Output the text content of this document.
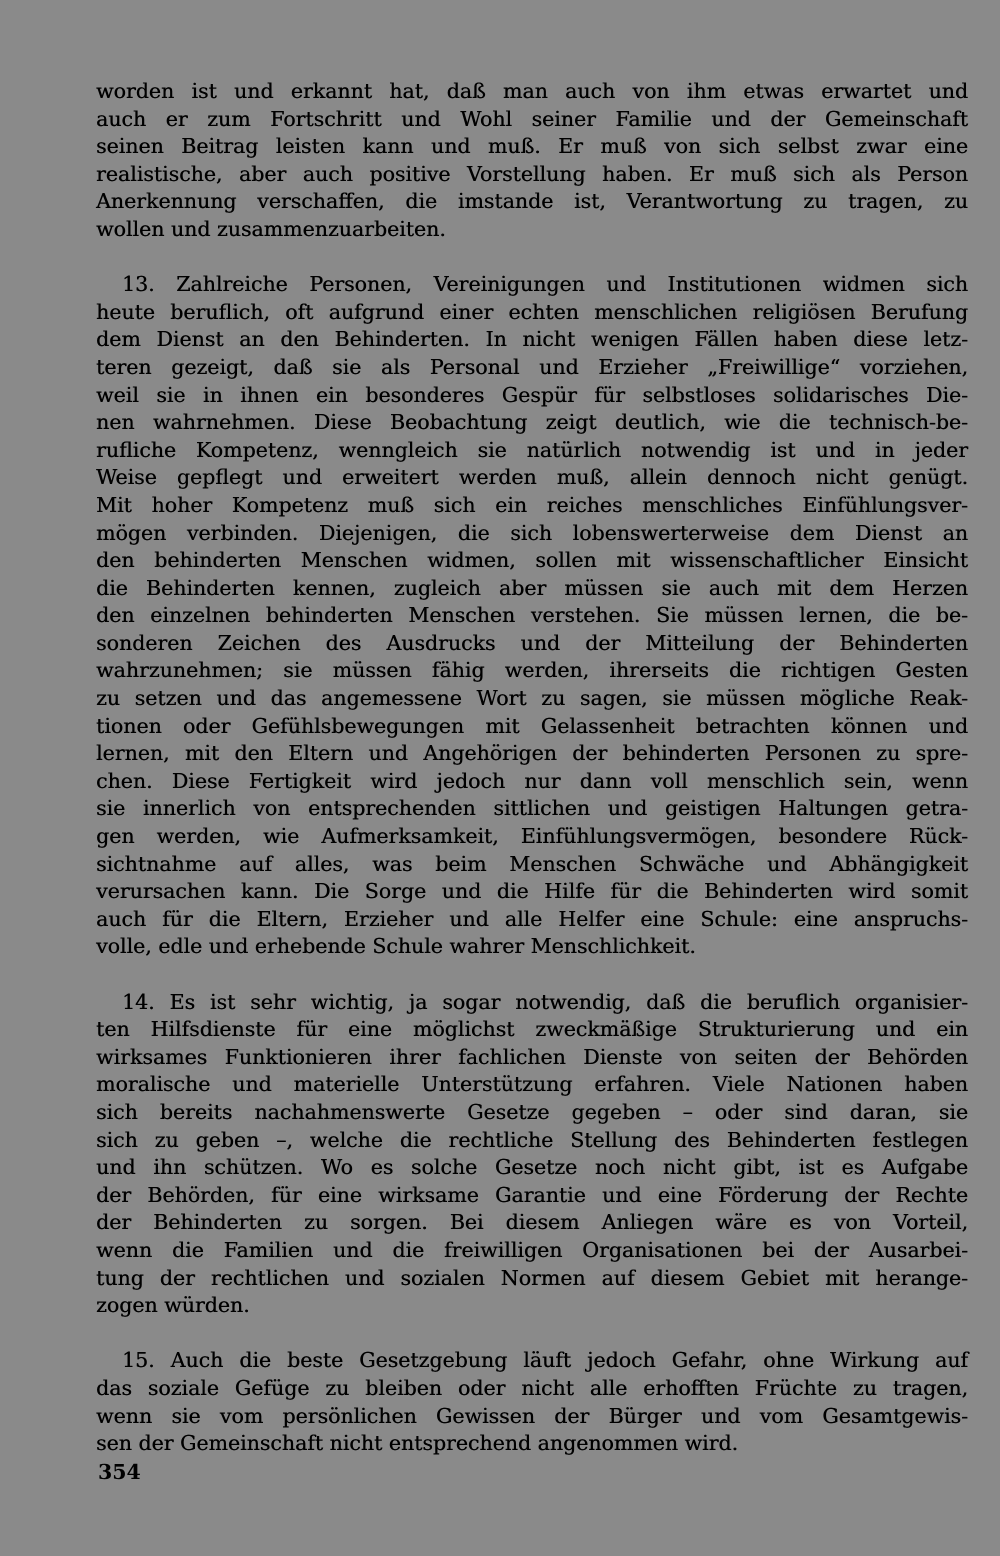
worden ist und erkannt hat, daß man auch von ihm etwas erwartet und
auch er zum Fortschritt und Wohl seiner Familie und der Gemeinschaft
seinen Beitrag leisten kann und muß. Er muß von sich selbst zwar eine
realistische, aber auch positive Vorstellung haben. Er muß sich als Person
Anerkennung verschaffen, die imstande ist, Verantwortung zu tragen, zu
wollen und zusammenzuarbeiten.
13. Zahlreiche Personen, Vereinigungen und Institutionen widmen sich
heute beruflich, oft aufgrund einer echten menschlichen religiösen Berufung
dem Dienst an den Behinderten. In nicht wenigen Fällen haben diese letz-
teren gezeigt, daß sie als Personal und Erzieher „Freiwillige“ vorziehen,
weil sie in ihnen ein besonderes Gespür für selbstloses solidarisches Die-
nen wahrnehmen. Diese Beobachtung zeigt deutlich, wie die technisch-be-
rufliche Kompetenz, wenngleich sie natürlich notwendig ist und in jeder
Weise gepflegt und erweitert werden muß, allein dennoch nicht genügt.
Mit hoher Kompetenz muß sich ein reiches menschliches Einfühlungsver-
mögen verbinden. Diejenigen, die sich lobenswerterweise dem Dienst an
den behinderten Menschen widmen, sollen mit wissenschaftlicher Einsicht
die Behinderten kennen, zugleich aber müssen sie auch mit dem Herzen
den einzelnen behinderten Menschen verstehen. Sie müssen lernen, die be-
sonderen Zeichen des Ausdrucks und der Mitteilung der Behinderten
wahrzunehmen; sie müssen fähig werden, ihrerseits die richtigen Gesten
zu setzen und das angemessene Wort zu sagen, sie müssen mögliche Reak-
tionen oder Gefühlsbewegungen mit Gelassenheit betrachten können und
lernen, mit den Eltern und Angehörigen der behinderten Personen zu spre-
chen. Diese Fertigkeit wird jedoch nur dann voll menschlich sein, wenn
sie innerlich von entsprechenden sittlichen und geistigen Haltungen getra-
gen werden, wie Aufmerksamkeit, Einfühlungsvermögen, besondere Rück-
sichtnahme auf alles, was beim Menschen Schwäche und Abhängigkeit
verursachen kann. Die Sorge und die Hilfe für die Behinderten wird somit
auch für die Eltern, Erzieher und alle Helfer eine Schule: eine anspruchs-
volle, edle und erhebende Schule wahrer Menschlichkeit.
14. Es ist sehr wichtig, ja sogar notwendig, daß die beruflich organisier-
ten Hilfsdienste für eine möglichst zweckmäßige Strukturierung und ein
wirksames Funktionieren ihrer fachlichen Dienste von seiten der Behörden
moralische und materielle Unterstützung erfahren. Viele Nationen haben
sich bereits nachahmenswerte Gesetze gegeben – oder sind daran, sie
sich zu geben –, welche die rechtliche Stellung des Behinderten festlegen
und ihn schützen. Wo es solche Gesetze noch nicht gibt, ist es Aufgabe
der Behörden, für eine wirksame Garantie und eine Förderung der Rechte
der Behinderten zu sorgen. Bei diesem Anliegen wäre es von Vorteil,
wenn die Familien und die freiwilligen Organisationen bei der Ausarbei-
tung der rechtlichen und sozialen Normen auf diesem Gebiet mit herange-
zogen würden.
15. Auch die beste Gesetzgebung läuft jedoch Gefahr, ohne Wirkung auf
das soziale Gefüge zu bleiben oder nicht alle erhofften Früchte zu tragen,
wenn sie vom persönlichen Gewissen der Bürger und vom Gesamtgewis-
sen der Gemeinschaft nicht entsprechend angenommen wird.
354
